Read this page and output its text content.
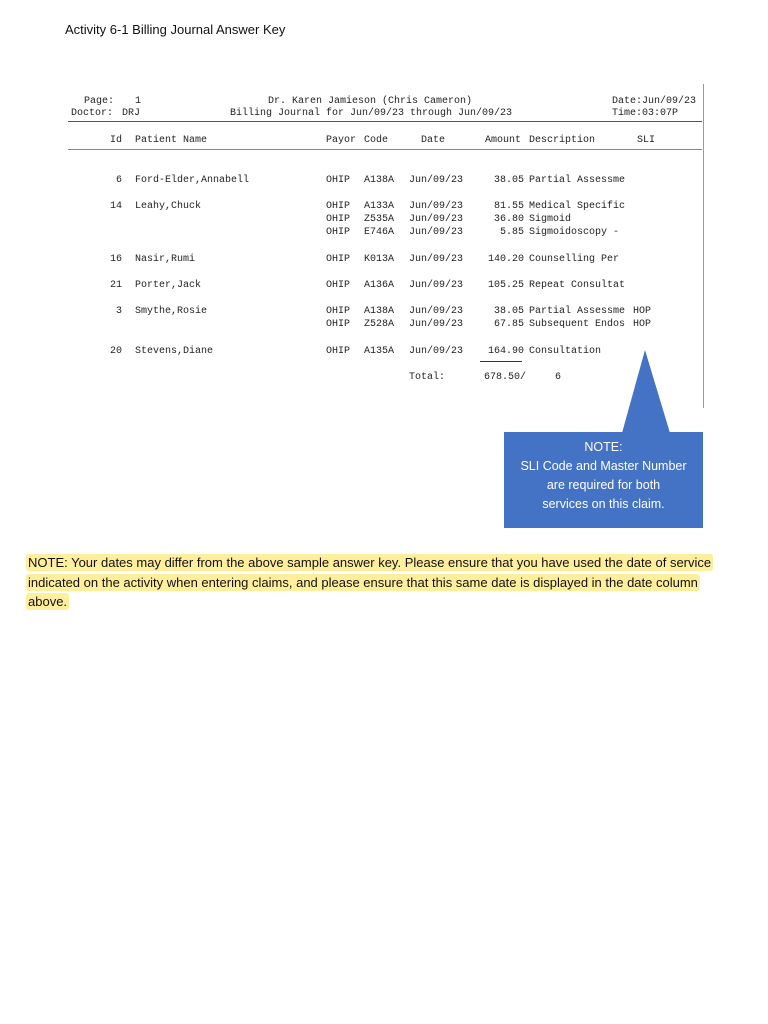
Activity 6-1 Billing Journal Answer Key
Page: 1	Dr. Karen Jamieson (Chris Cameron)	Date:Jun/09/23
Doctor: DRJ	Billing Journal for Jun/09/23 through Jun/09/23	Time:03:07P
Id Patient Name	Payor Code	Date	Amount Description	SLI
6 Ford-Elder,Annabell	OHIP A138A Jun/09/23	38.05 Partial Assessme
14 Leahy,Chuck	OHIP A133A Jun/09/23	81.55 Medical Specific
OHIP Z535A Jun/09/23	36.80 Sigmoid
OHIP E746A Jun/09/23	5.85 Sigmoidoscopy -
16 Nasir,Rumi	OHIP K013A Jun/09/23	140.20 Counselling Per
21 Porter,Jack	OHIP A136A Jun/09/23	105.25 Repeat Consultat
3 Smythe,Rosie	OHIP A138A Jun/09/23	38.05 Partial Assessme HOP
OHIP Z528A Jun/09/23	67.85 Subsequent Endos HOP
20 Stevens,Diane	OHIP A135A Jun/09/23	164.90 Consultation
Total:	678.50/	6
NOTE:
SLI Code and Master Number
are required for both
services on this claim.
NOTE: Your dates may differ from the above sample answer key. Please ensure that you have used the date of service indicated on the activity when entering claims, and please ensure that this same date is displayed in the date column above.
